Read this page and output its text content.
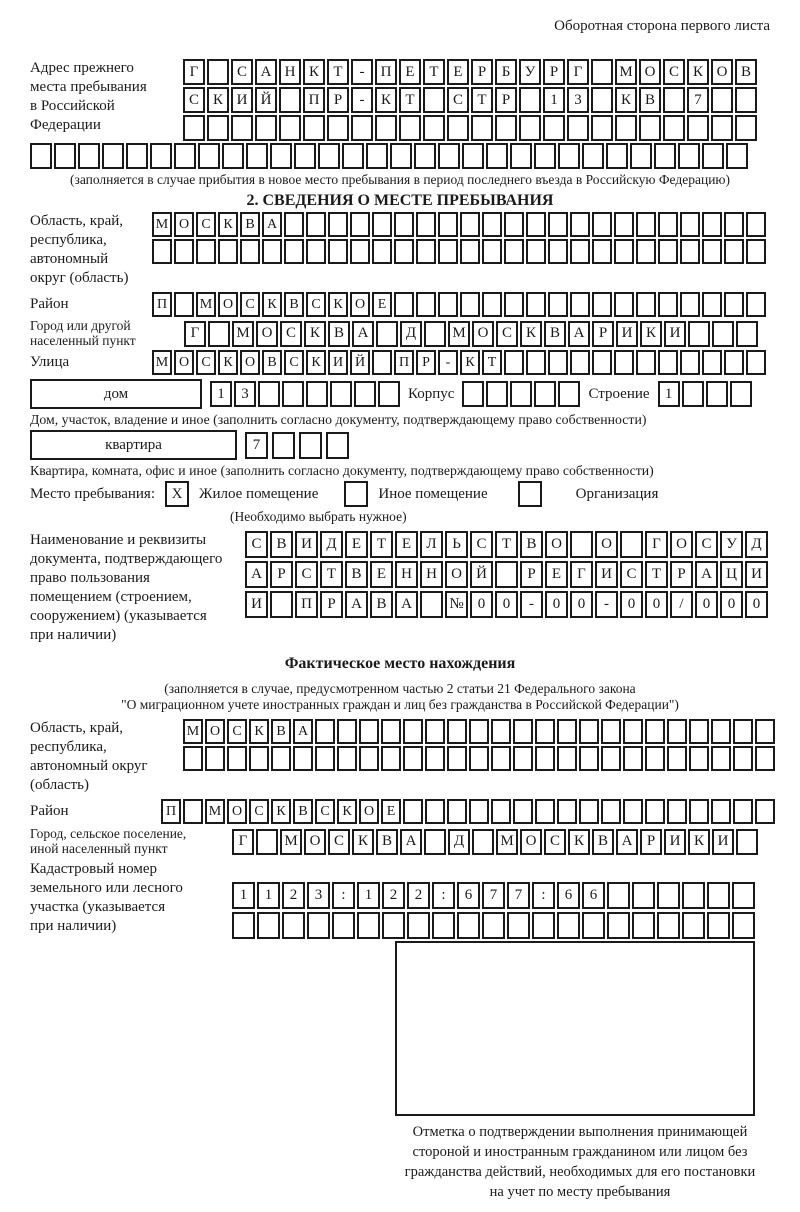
Оборотная сторона первого листа
Адрес прежнего
места пребывания
в Российской
Федерации
Г	С А Н К Т	-	П Е Т Е	Р	Б У Р	Г	М О С К О В
С К И Й	П Р	-	К Т	С Т	Р	1	3	К В	7
(заполняется в случае прибытия в новое место пребывания в период последнего въезда в Российскую Федерацию)
2. СВЕДЕНИЯ О МЕСТЕ ПРЕБЫВАНИЯ
Область, край,
республика,
автономный
округ (область)
М О С К В А
Район	П	М О С К В С К О Е
Город или другой
населенный пункт	Г	М О С К В А	Д	М О С К В А Р И К И
Улица	М О С К О В С К И Й	П Р	-	К Т
дом	1	3	Корпус	Строение	1
Дом, участок, владение и иное (заполнить согласно документу, подтверждающему право собственности)
квартира	7
Квартира, комната, офис и иное (заполнить согласно документу, подтверждающему право собственности)
Место пребывания:	X	Жилое помещение	Иное помещение	Организация
(Необходимо выбрать нужное)
Наименование и реквизиты
документа, подтверждающего
право пользования
помещением (строением,
сооружением) (указывается
при наличии)
С В И Д	Е	Т	Е	Л	Ь	С	Т	В О	О	Г	О С У Д
А	Р	С	Т	В	Е	Н Н О Й	Р	Е	Г	И С	Т	Р	А Ц И
И	П	Р	А В А	№ 0	0	-	0	0	-	0	0	/	0	0	0
Фактическое место нахождения
(заполняется в случае, предусмотренном частью 2 статьи 21 Федерального закона
"О миграционном учете иностранных граждан и лиц без гражданства в Российской Федерации")
Область, край,
республика,
автономный округ
(область)
М О С К В А
Район	П	М О С К В С К О Е
Город, сельское поселение,
иной населенный пункт	Г	М О С К В А	Д	М О С К В А Р И К И
Кадастровый номер
земельного или лесного
участка (указывается
при наличии)
1	1	2	3	:	1	2	2	:	6	7	7	:	6	6
Отметка о подтверждении выполнения принимающей
стороной и иностранным гражданином или лицом без
гражданства действий, необходимых для его постановки
на учет по месту пребывания
